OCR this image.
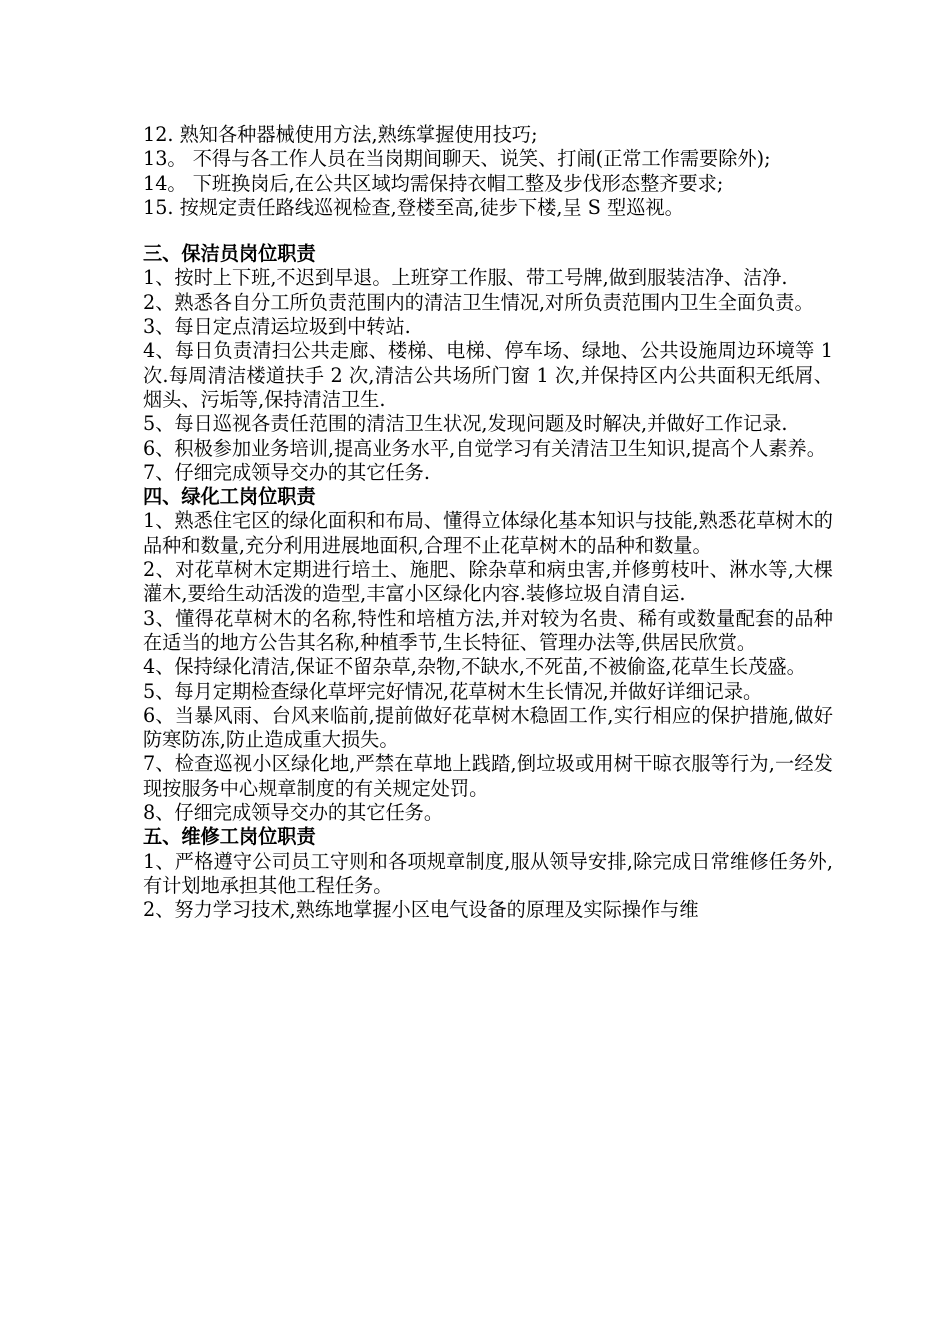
12. 熟知各种器械使用方法,熟练掌握使用技巧;

13。 不得与各工作人员在当岗期间聊天、说笑、打闹(正常工作需要除外);

14。 下班换岗后,在公共区域均需保持衣帽工整及步伐形态整齐要求;

15. 按规定责任路线巡视检查,登楼至高,徒步下楼,呈 S 型巡视。

三、保洁员岗位职责

1、按时上下班,不迟到早退。上班穿工作服、带工号牌,做到服装洁净、洁净.

2、熟悉各自分工所负责范围内的清洁卫生情况,对所负责范围内卫生全面负责。

3、每日定点清运垃圾到中转站.

4、每日负责清扫公共走廊、楼梯、电梯、停车场、绿地、公共设施周边环境等 1 次.每周清洁楼道扶手 2 次,清洁公共场所门窗 1 次,并保持区内公共面积无纸屑、烟头、污垢等,保持清洁卫生.

5、每日巡视各责任范围的清洁卫生状况,发现问题及时解决,并做好工作记录.

6、积极参加业务培训,提高业务水平,自觉学习有关清洁卫生知识,提高个人素养。

7、仔细完成领导交办的其它任务.

四、绿化工岗位职责

1、熟悉住宅区的绿化面积和布局、懂得立体绿化基本知识与技能,熟悉花草树木的品种和数量,充分利用进展地面积,合理不止花草树木的品种和数量。

2、对花草树木定期进行培土、施肥、除杂草和病虫害,并修剪枝叶、淋水等,大棵灌木,要给生动活泼的造型,丰富小区绿化内容.装修垃圾自清自运.

3、懂得花草树木的名称,特性和培植方法,并对较为名贵、稀有或数量配套的品种在适当的地方公告其名称,种植季节,生长特征、管理办法等,供居民欣赏。

4、保持绿化清洁,保证不留杂草,杂物,不缺水,不死苗,不被偷盗,花草生长茂盛。

5、每月定期检查绿化草坪完好情况,花草树木生长情况,并做好详细记录。

6、当暴风雨、台风来临前,提前做好花草树木稳固工作,实行相应的保护措施,做好防寒防冻,防止造成重大损失。

7、检查巡视小区绿化地,严禁在草地上践踏,倒垃圾或用树干晾衣服等行为,一经发现按服务中心规章制度的有关规定处罚。

8、仔细完成领导交办的其它任务。

五、维修工岗位职责

1、严格遵守公司员工守则和各项规章制度,服从领导安排,除完成日常维修任务外,有计划地承担其他工程任务。

2、努力学习技术,熟练地掌握小区电气设备的原理及实际操作与维
